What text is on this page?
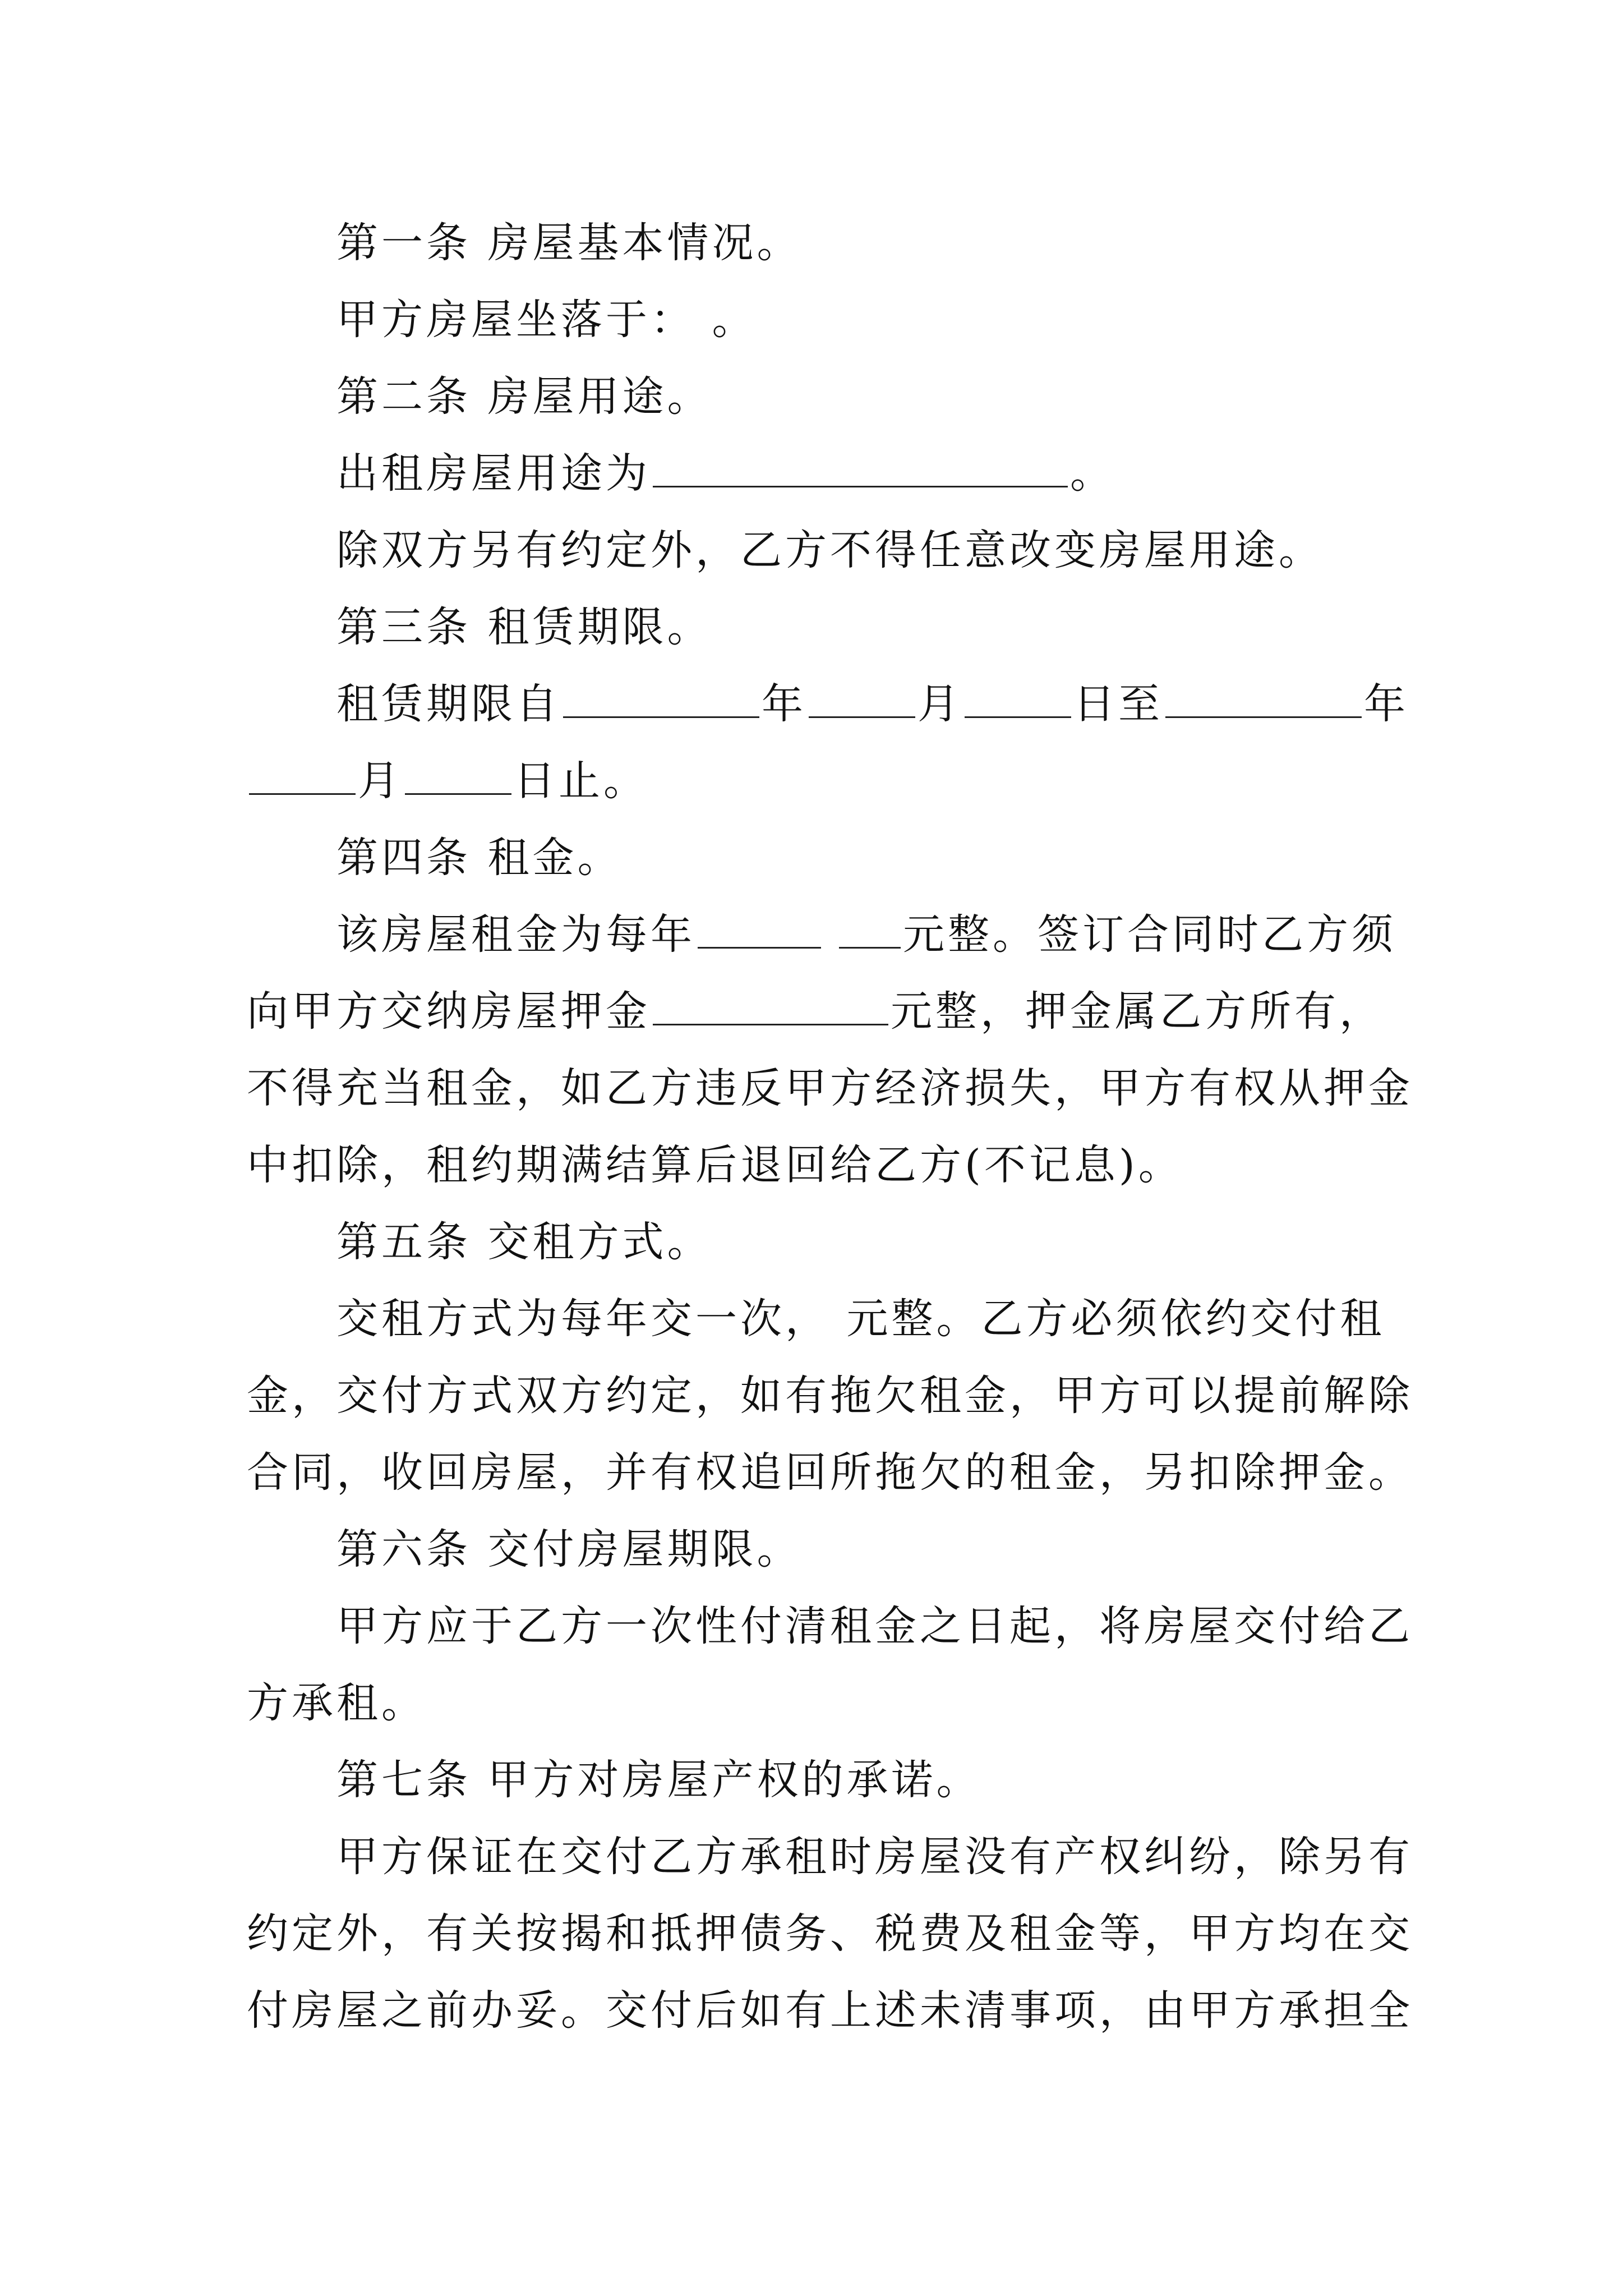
第一条 房屋基本情况。
甲方房屋坐落于： 。
第二条 房屋用途。
出租房屋用途为	。
除双方另有约定外，乙方不得任意改变房屋用途。
第三条 租赁期限。
租赁期限自	年	月	日至	年
月	日止。
第四条 租金。
该房屋租金为每年	元整。签订合同时乙方须
向甲方交纳房屋押金	元整，押金属乙方所有，
不得充当租金，如乙方违反甲方经济损失，甲方有权从押金
中扣除，租约期满结算后退回给乙方(不记息)。
第五条 交租方式。
交租方式为每年交一次， 元整。乙方必须依约交付租
金，交付方式双方约定，如有拖欠租金，甲方可以提前解除
合同，收回房屋，并有权追回所拖欠的租金，另扣除押金。
第六条 交付房屋期限。
甲方应于乙方一次性付清租金之日起，将房屋交付给乙
方承租。
第七条 甲方对房屋产权的承诺。
甲方保证在交付乙方承租时房屋没有产权纠纷，除另有
约定外，有关按揭和抵押债务、税费及租金等，甲方均在交
付房屋之前办妥。交付后如有上述未清事项，由甲方承担全
